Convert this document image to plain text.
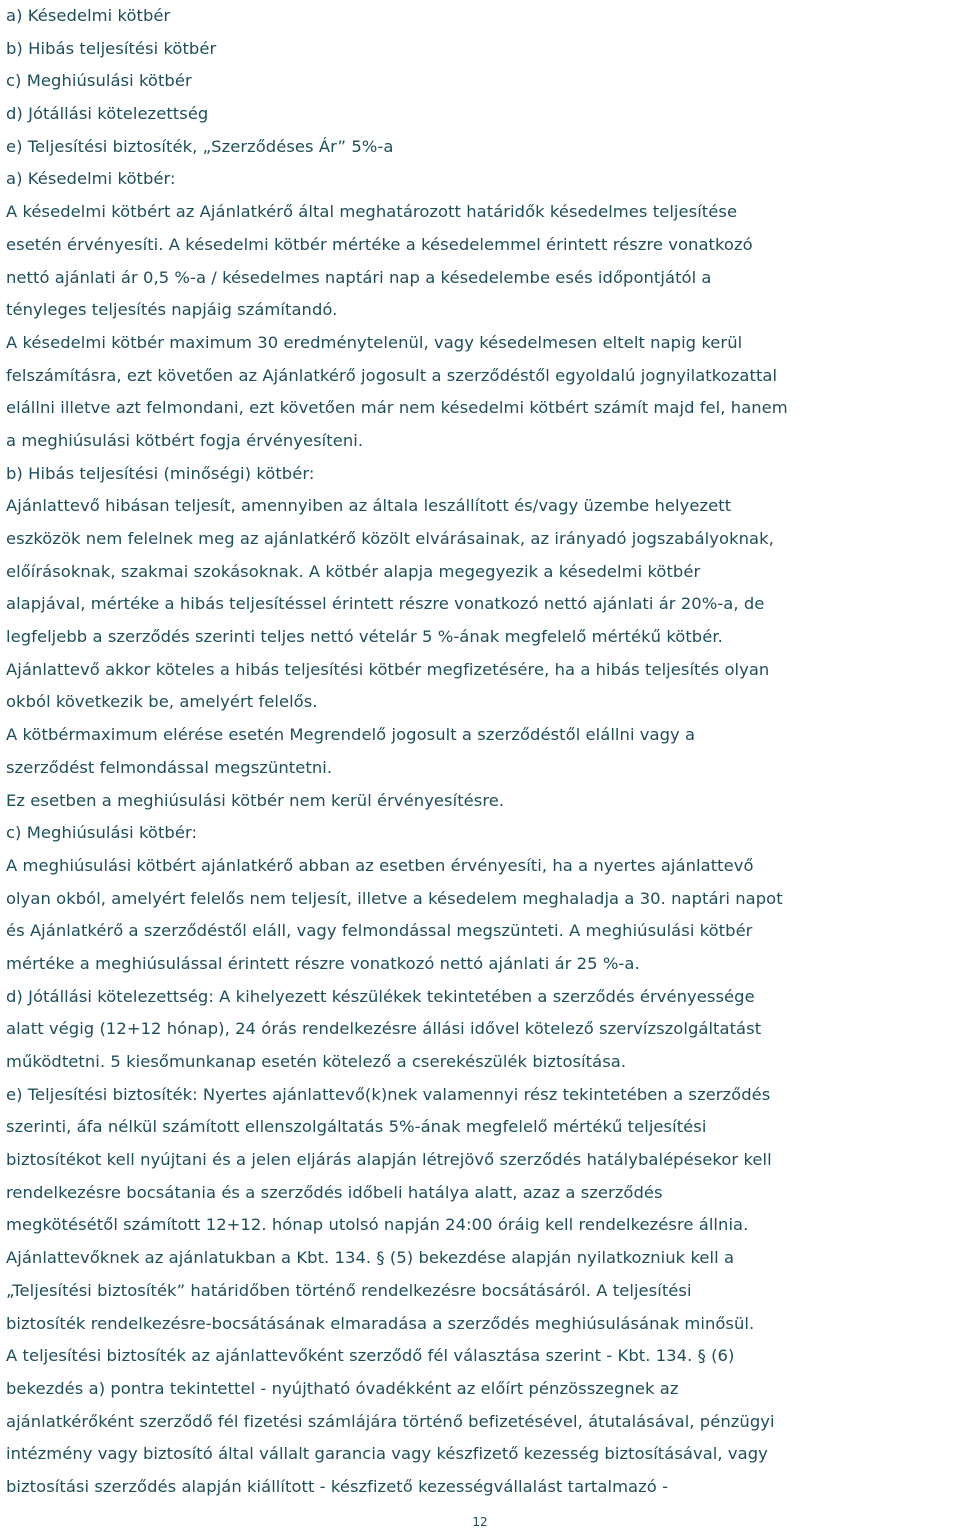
a) Késedelmi kötbér
b) Hibás teljesítési kötbér
c) Meghiúsulási kötbér
d) Jótállási kötelezettség
e) Teljesítési biztosíték, „Szerződéses Ár” 5%-a
a) Késedelmi kötbér:
A késedelmi kötbért az Ajánlatkérő által meghatározott határidők késedelmes teljesítése
esetén érvényesíti. A késedelmi kötbér mértéke a késedelemmel érintett részre vonatkozó
nettó ajánlati ár 0,5 %-a / késedelmes naptári nap a késedelembe esés időpontjától a
tényleges teljesítés napjáig számítandó.
A késedelmi kötbér maximum 30 eredménytelenül, vagy késedelmesen eltelt napig kerül
felszámításra, ezt követően az Ajánlatkérő jogosult a szerződéstől egyoldalú jognyilatkozattal
elállni illetve azt felmondani, ezt követően már nem késedelmi kötbért számít majd fel, hanem
a meghiúsulási kötbért fogja érvényesíteni.
b) Hibás teljesítési (minőségi) kötbér:
Ajánlattevő hibásan teljesít, amennyiben az általa leszállított és/vagy üzembe helyezett
eszközök nem felelnek meg az ajánlatkérő közölt elvárásainak, az irányadó jogszabályoknak,
előírásoknak, szakmai szokásoknak. A kötbér alapja megegyezik a késedelmi kötbér
alapjával, mértéke a hibás teljesítéssel érintett részre vonatkozó nettó ajánlati ár 20%-a, de
legfeljebb a szerződés szerinti teljes nettó vételár 5 %-ának megfelelő mértékű kötbér.
Ajánlattevő akkor köteles a hibás teljesítési kötbér megfizetésére, ha a hibás teljesítés olyan
okból következik be, amelyért felelős.
A kötbérmaximum elérése esetén Megrendelő jogosult a szerződéstől elállni vagy a
szerződést felmondással megszüntetni.
Ez esetben a meghiúsulási kötbér nem kerül érvényesítésre.
c) Meghiúsulási kötbér:
A meghiúsulási kötbért ajánlatkérő abban az esetben érvényesíti, ha a nyertes ajánlattevő
olyan okból, amelyért felelős nem teljesít, illetve a késedelem meghaladja a 30. naptári napot
és Ajánlatkérő a szerződéstől eláll, vagy felmondással megszünteti. A meghiúsulási kötbér
mértéke a meghiúsulással érintett részre vonatkozó nettó ajánlati ár 25 %-a.
d) Jótállási kötelezettség: A kihelyezett készülékek tekintetében a szerződés érvényessége
alatt végig (12+12 hónap), 24 órás rendelkezésre állási idővel kötelező szervízszolgáltatást
működtetni. 5 kiesőmunkanap esetén kötelező a cserekészülék biztosítása.
e) Teljesítési biztosíték: Nyertes ajánlattevő(k)nek valamennyi rész tekintetében a szerződés
szerinti, áfa nélkül számított ellenszolgáltatás 5%-ának megfelelő mértékű teljesítési
biztosítékot kell nyújtani és a jelen eljárás alapján létrejövő szerződés hatálybalépésekor kell
rendelkezésre bocsátania és a szerződés időbeli hatálya alatt, azaz a szerződés
megkötésétől számított 12+12. hónap utolsó napján 24:00 óráig kell rendelkezésre állnia.
Ajánlattevőknek az ajánlatukban a Kbt. 134. § (5) bekezdése alapján nyilatkozniuk kell a
„Teljesítési biztosíték” határidőben történő rendelkezésre bocsátásáról. A teljesítési
biztosíték rendelkezésre-bocsátásának elmaradása a szerződés meghiúsulásának minősül.
A teljesítési biztosíték az ajánlattevőként szerződő fél választása szerint - Kbt. 134. § (6)
bekezdés a) pontra tekintettel - nyújtható óvadékként az előírt pénzösszegnek az
ajánlatkérőként szerződő fél fizetési számlájára történő befizetésével, átutalásával, pénzügyi
intézmény vagy biztosító által vállalt garancia vagy készfizető kezesség biztosításával, vagy
biztosítási szerződés alapján kiállított - készfizető kezességvállalást tartalmazó -
12
